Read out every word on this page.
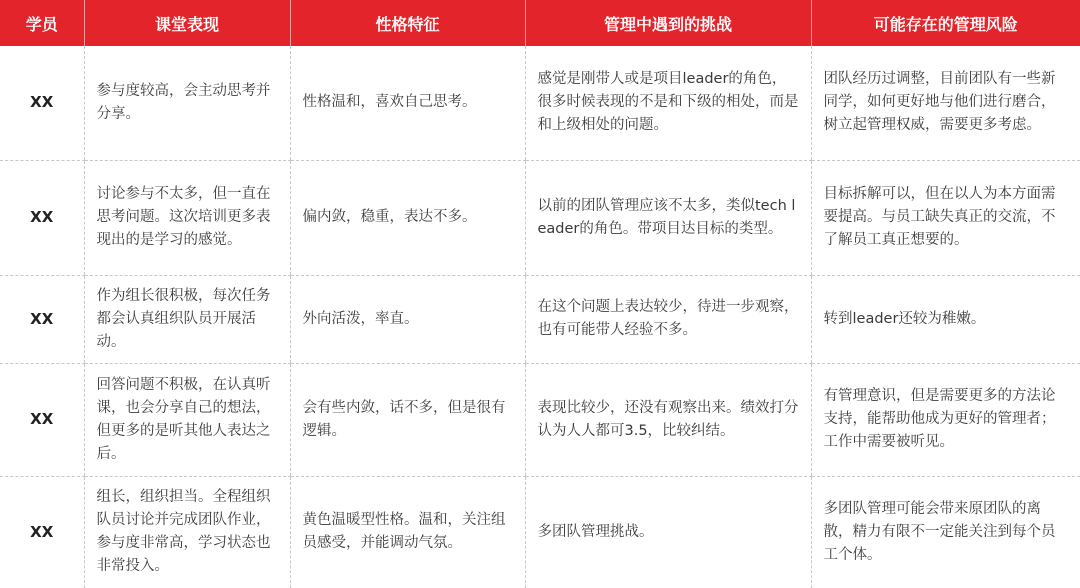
学员	课堂表现	性格特征	管理中遇到的挑战	可能存在的管理风险
XX	参与度较高，会主动思考并分享。	性格温和，喜欢自己思考。	感觉是刚带人或是项目leader的角色，很多时候表现的不是和下级的相处，而是和上级相处的问题。	团队经历过调整，目前团队有一些新同学，如何更好地与他们进行磨合，树立起管理权威，需要更多考虑。
XX	讨论参与不太多，但一直在思考问题。这次培训更多表现出的是学习的感觉。	偏内敛，稳重，表达不多。	以前的团队管理应该不太多，类似tech leader的角色。带项目达目标的类型。	目标拆解可以，但在以人为本方面需要提高。与员工缺失真正的交流，不了解员工真正想要的。
XX	作为组长很积极，每次任务都会认真组织队员开展活动。	外向活泼，率直。	在这个问题上表达较少，待进一步观察，也有可能带人经验不多。	转到leader还较为稚嫩。
XX	回答问题不积极，在认真听课，也会分享自己的想法，但更多的是听其他人表达之后。	会有些内敛，话不多，但是很有逻辑。	表现比较少，还没有观察出来。绩效打分认为人人都可3.5，比较纠结。	有管理意识，但是需要更多的方法论支持，能帮助他成为更好的管理者；工作中需要被听见。
XX	组长，组织担当。全程组织队员讨论并完成团队作业，参与度非常高，学习状态也非常投入。	黄色温暖型性格。温和，关注组员感受，并能调动气氛。	多团队管理挑战。	多团队管理可能会带来原团队的离散，精力有限不一定能关注到每个员工个体。
